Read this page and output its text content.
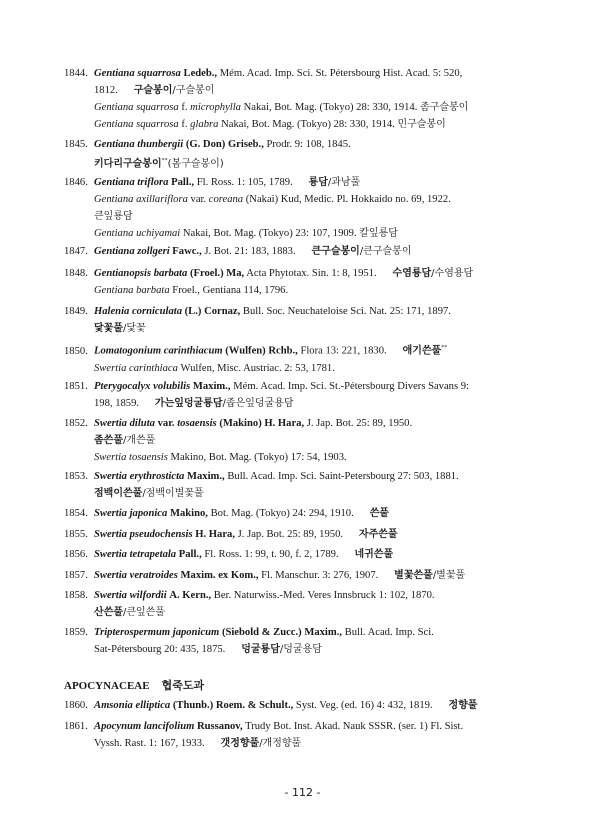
1844. Gentiana squarrosa Ledeb., Mém. Acad. Imp. Sci. St. Pétersbourg Hist. Acad. 5: 520,
1812. 구슬봉이/구슬봉이
Gentiana squarrosa f. microphylla Nakai, Bot. Mag. (Tokyo) 28: 330, 1914. 좀구슬봉이
Gentiana squarrosa f. glabra Nakai, Bot. Mag. (Tokyo) 28: 330, 1914. 민구슬봉이
1845. Gentiana thunbergii (G. Don) Griseb., Prodr. 9: 108, 1845.
키다리구슬봉이**(봄구슬봉이)
1846. Gentiana triflora Pall., Fl. Ross. 1: 105, 1789. 룡담/과남풀
Gentiana axillariflora var. coreana (Nakai) Kud, Medic. Pl. Hokkaido no. 69, 1922.
큰잎룡담
Gentiana uchiyamai Nakai, Bot. Mag. (Tokyo) 23: 107, 1909. 칼잎룡담
1847. Gentiana zollgeri Fawc., J. Bot. 21: 183, 1883. 큰구슬봉이/큰구슬봉이
1848. Gentianopsis barbata (Froel.) Ma, Acta Phytotax. Sin. 1: 8, 1951. 수염룡담/수염용담
Gentiana barbata Froel., Gentiana 114, 1796.
1849. Halenia corniculata (L.) Cornaz, Bull. Soc. Neuchateloise Sci. Nat. 25: 171, 1897.
닻꽃풀/닻꽃
1850. Lomatogonium carinthiacum (Wulfen) Rchb., Flora 13: 221, 1830. 애기쓴풀**
Swertia carinthiaca Wulfen, Misc. Austriac. 2: 53, 1781.
1851. Pterygocalyx volubilis Maxim., Mém. Acad. Imp. Sci. St.-Pétersbourg Divers Savans 9:
198, 1859. 가는잎덩굴룡담/좁은잎덩굴용담
1852. Swertia diluta var. tosaensis (Makino) H. Hara, J. Jap. Bot. 25: 89, 1950.
좀쓴풀/개쓴풀
Swertia tosaensis Makino, Bot. Mag. (Tokyo) 17: 54, 1903.
1853. Swertia erythrosticta Maxim., Bull. Acad. Imp. Sci. Saint-Petersbourg 27: 503, 1881.
점백이쓴풀/점백이별꽃풀
1854. Swertia japonica Makino, Bot. Mag. (Tokyo) 24: 294, 1910. 쓴풀
1855. Swertia pseudochensis H. Hara, J. Jap. Bot. 25: 89, 1950. 자주쓴풀
1856. Swertia tetrapetala Pall., Fl. Ross. 1: 99, t. 90, f. 2, 1789. 네귀쓴풀
1857. Swertia veratroides Maxim. ex Kom., Fl. Manschur. 3: 276, 1907. 별꽃쓴풀/별꽃풀
1858. Swertia wilfordii A. Kern., Ber. Naturwiss.-Med. Veres Innsbruck 1: 102, 1870.
산쓴풀/큰잎쓴풀
1859. Tripterospermum japonicum (Siebold & Zucc.) Maxim., Bull. Acad. Imp. Sci.
Sat-Pétersbourg 20: 435, 1875. 덩굴룡담/덩굴용담
APOCYNACEAE 협죽도과
1860. Amsonia elliptica (Thunb.) Roem. & Schult., Syst. Veg. (ed. 16) 4: 432, 1819. 정향풀
1861. Apocynum lancifolium Russanov, Trudy Bot. Inst. Akad. Nauk SSSR. (ser. 1) Fl. Sist.
Vyssh. Rast. 1: 167, 1933. 갯정향풀/개정향풀
- 112 -
